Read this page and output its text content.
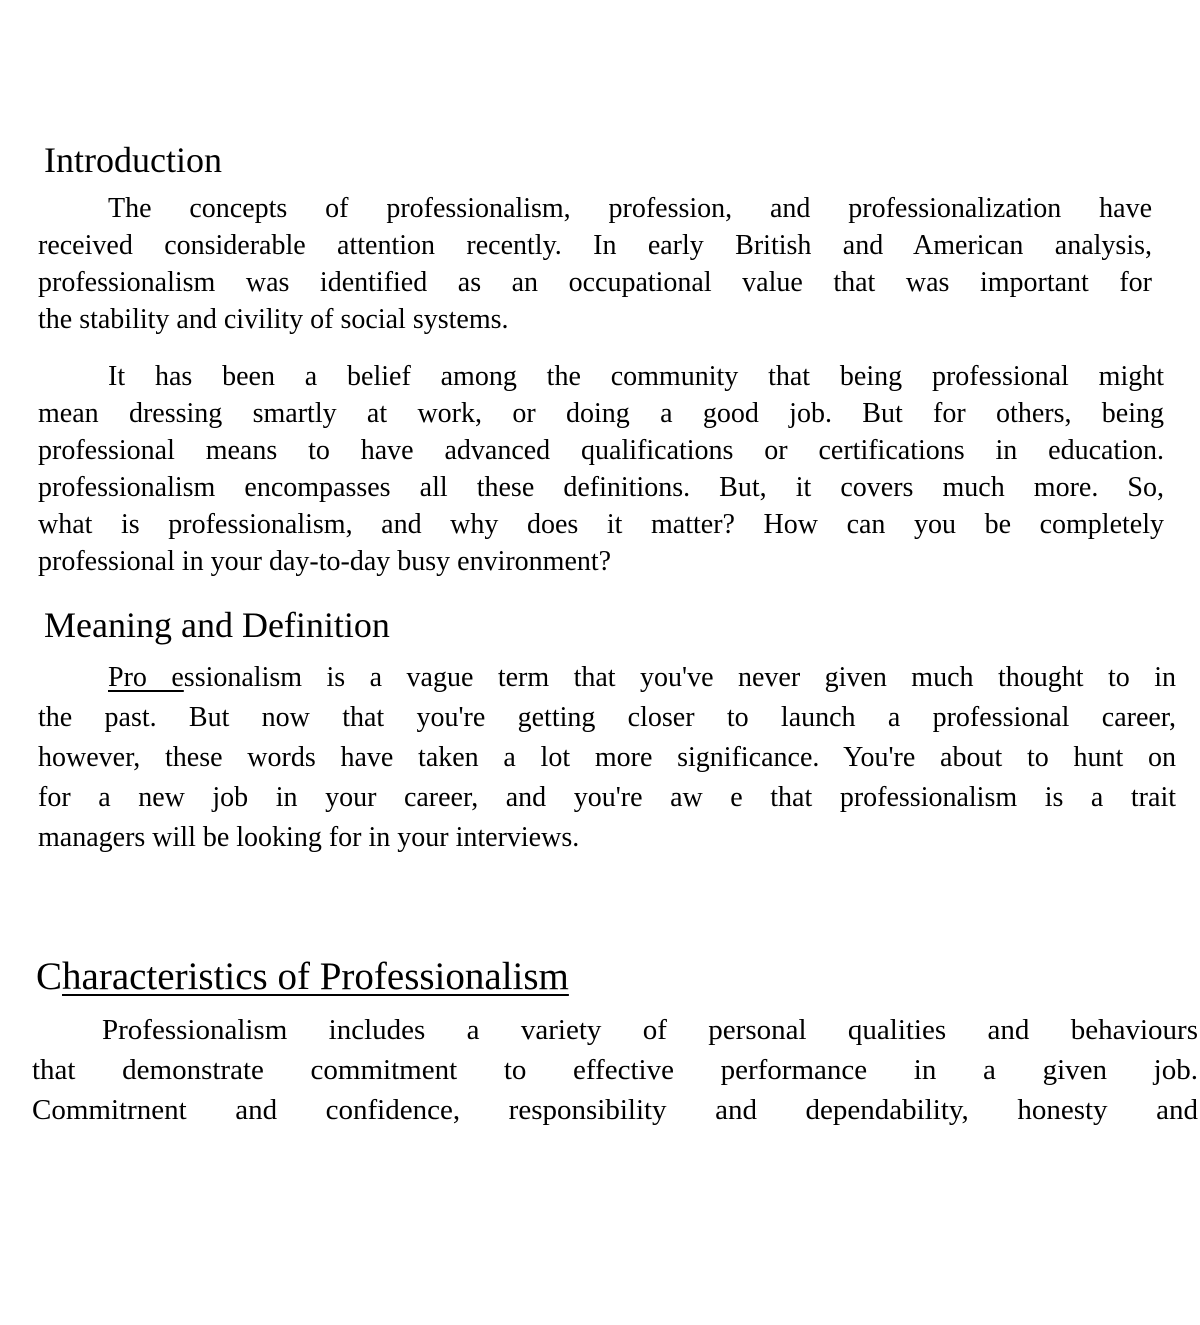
Introduction

The concepts of professionalism, profession, and professionalization have
received considerable attention recently. In early British and American analysis,
professionalism was identified as an occupational value that was important for
the stability and civility of social systems.

It has been a belief among the community that being professional might
mean dressing smartly at work, or doing a good job. But for others, being
professional means to have advanced qualifications or certifications in education.
professionalism encompasses all these definitions. But, it covers much more. So,
what is professionalism, and why does it matter? How can you be completely
professional in your day-to-day busy environment?

Meaning and Definition

Pro essionalism is a vague term that you've never given much thought to in
the past. But now that you're getting closer to launch a professional career,
however, these words have taken a lot more significance. You're about to hunt on
for a new job in your career, and you're aw e that professionalism is a trait
managers will be looking for in your interviews.

Characteristics of Professionalism

Professionalism includes a variety of personal qualities and behaviours
that demonstrate commitment to effective performance in a given job.
Commitrnent and confidence, responsibility and dependability, honesty and
